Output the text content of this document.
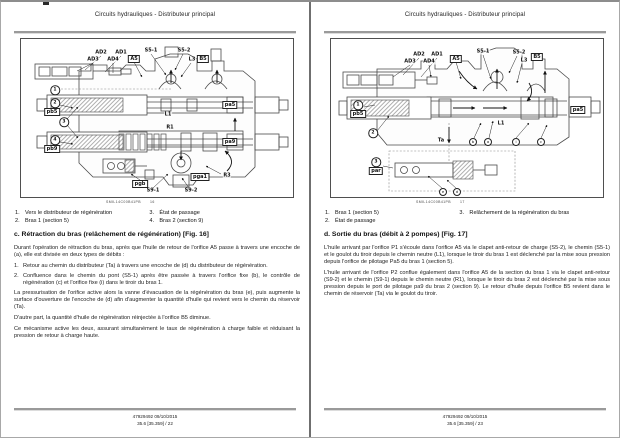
Circuits hydrauliques - Distributeur principal
AD2 AD1
AD3 AD4	A5
S5-1	S5-2
L3 B5
1
2
pb5
3
4
pb9
pa5
pa9
L1
R1
R3
pga1
pgb
S9-1	S9-2
SMIL14C00B41PB	16
1. Vers le distributeur de régénération
2. Bras 1 (section 5)
3. État de passage
4. Bras 2 (section 9)
c. Rétraction du bras (relâchement de régénération) [Fig. 16]

Durant l'opération de rétraction du bras, après que l'huile de retour de l'orifice A5 passe à travers une encoche de (a), elle est divisée en deux types de débits :

1. Retour au chemin du distributeur (Ta) à travers une encoche de (d) du distributeur de régénération.
2. Confluence dans le chemin du pont (S5-1) après être passée à travers l'orifice fixe (b), le contrôle de régénération (c) et l'orifice fixe (i) dans le tiroir du bras 1.

La pressurisation de l'orifice active alors la vanne d'évacuation de la régénération du bras (e), puis augmente la surface d'ouverture de l'encoche de (d) afin d'augmenter la quantité d'huile qui revient vers le chemin du réservoir (Ta).

D'autre part, la quantité d'huile de régénération réinjectée à l'orifice B5 diminue.

Ce mécanisme active les deux, assurant simultanément le taux de régénération à charge faible et réduisant la pression de retour à charge haute.

47929492 09/10/2015
35.6 [35.359] / 22
Circuits hydrauliques - Distributeur principal
AD2 AD1
AD3 AD4	A5
S5-1	S5-2
L3
B5
1
pb5
2
pa5
L1
Ta
3
par
b	a	i	c
e	d
SMIL14C00B41PB	17
1. Bras 1 (section 5)
2. État de passage
3. Relâchement de la régénération du bras
d. Sortie du bras (débit à 2 pompes) [Fig. 17]

L'huile arrivant par l'orifice P1 s'écoule dans l'orifice A5 via le clapet anti-retour de charge (S5-2), le chemin (S5-1) et le goulot du tiroir depuis le chemin neutre (L1), lorsque le tiroir du bras 1 est déclenché par la mise sous pression depuis l'orifice de pilotage Pa5 du bras 1 (section 5).

L'huile arrivant de l'orifice P2 conflue également dans l'orifice A5 de la section du bras 1 via le clapet anti-retour (S9-2) et le chemin (S9-1) depuis le chemin neutre (R1), lorsque le tiroir du bras 2 est déclenché par la mise sous pression depuis le port de pilotage pa9 du bras 2 (section 9). Le retour d'huile depuis l'orifice B5 revient dans le chemin de réservoir (Ta) via le goulot du tiroir.

47929492 09/10/2015
35.6 [35.359] / 23
